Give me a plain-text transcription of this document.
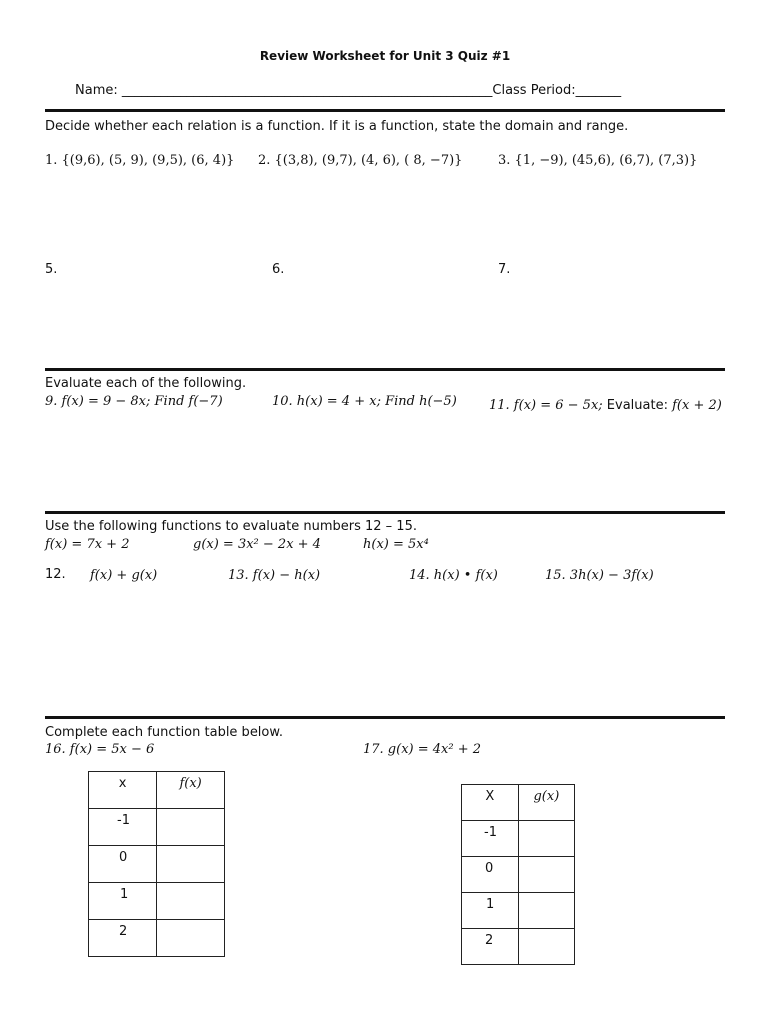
Review Worksheet for Unit 3 Quiz #1
Name: _________________________________________________________Class Period:_______
Decide whether each relation is a function. If it is a function, state the domain and range.
1. {(9,6), (5, 9), (9,5), (6, 4)} 2. {(3,8), (9,7), (4, 6), ( 8, −7)}	3. {1, −9), (45,6), (6,7), (7,3)}
5.	6.	7.
Evaluate each of the following.
9. f(x) = 9 − 8x; Find f(−7)	10. h(x) = 4 + x; Find h(−5) 11. f(x) = 6 − 5x; Evaluate: f(x + 2)
Use the following functions to evaluate numbers 12 – 15.
f(x) = 7x + 2	g(x) = 3x² − 2x + 4	h(x) = 5x⁴
12. f(x) + g(x)	13. f(x) − h(x)	14. h(x) • f(x)	15. 3h(x) − 3f(x)
Complete each function table below.
16. f(x) = 5x − 6	17. g(x) = 4x² + 2
x	f(x)
-1	
0	
1	
2	
X	g(x)
-1	
0	
1	
2	
